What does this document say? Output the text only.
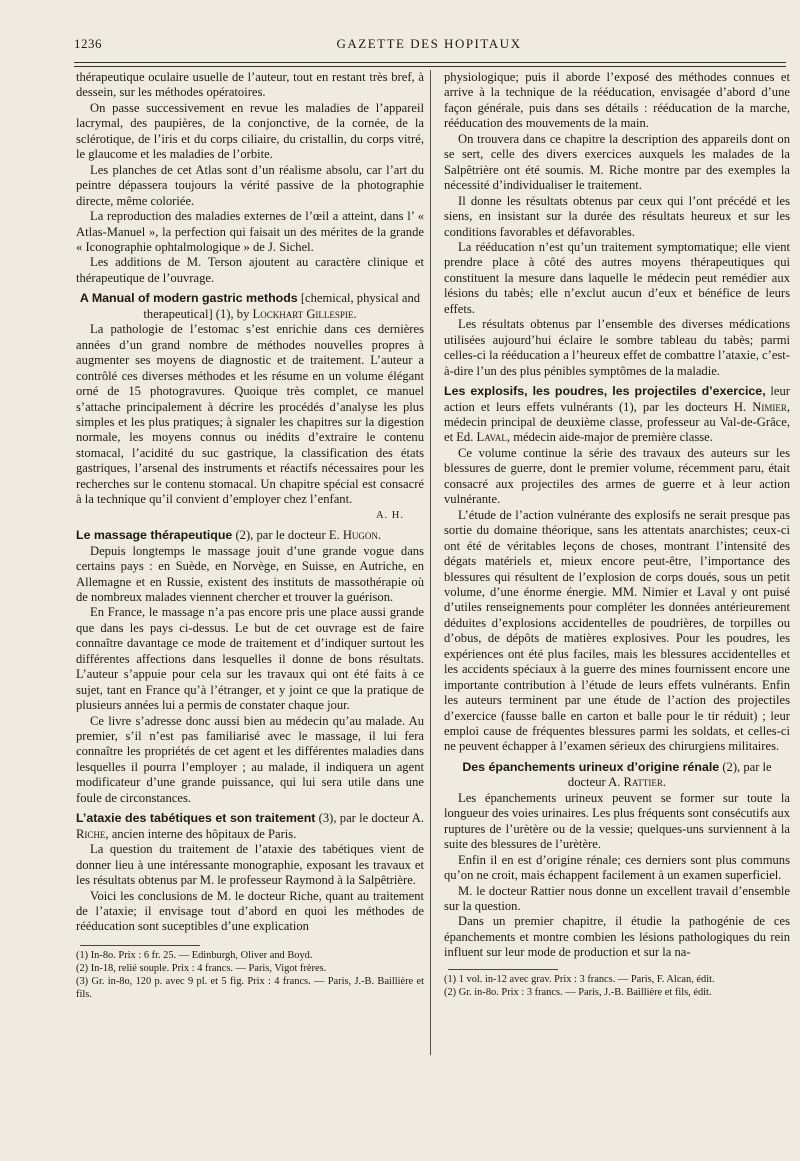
1236	GAZETTE DES HOPITAUX

thérapeutique oculaire usuelle de l’auteur, tout en restant très bref, à dessein, sur les méthodes opératoires.

On passe successivement en revue les maladies de l’appareil lacrymal, des paupières, de la conjonctive, de la cornée, de la sclérotique, de l’iris et du corps ciliaire, du cristallin, du corps vitré, le glaucome et les maladies de l’orbite.

Les planches de cet Atlas sont d’un réalisme absolu, car l’art du peintre dépassera toujours la vérité passive de la photographie directe, même coloriée.

La reproduction des maladies externes de l’œil a atteint, dans l’ « Atlas-Manuel », la perfection qui faisait un des mérites de la grande « Iconographie ophtalmologique » de J. Sichel.

Les additions de M. Terson ajoutent au caractère clinique et thérapeutique de l’ouvrage.

A Manual of modern gastric methods [chemical, physical and therapeutical] (1), by Lockhart Gillespie.

La pathologie de l’estomac s’est enrichie dans ces dernières années d’un grand nombre de méthodes nouvelles propres à augmenter ses moyens de diagnostic et de traitement. L’auteur a contrôlé ces diverses méthodes et les résume en un volume élégant orné de 15 photogravures. Quoique très complet, ce manuel s’attache principalement à décrire les procédés d’analyse les plus simples et les plus pratiques; à signaler les chapitres sur la digestion normale, les moyens connus ou inédits d’extraire le contenu stomacal, l’acidité du suc gastrique, la classification des états gastriques, l’arsenal des instruments et réactifs nécessaires pour les recherches sur le contenu stomacal. Un chapitre spécial est consacré à la technique qu’il convient d’employer chez l’enfant.

A. H.

Le massage thérapeutique (2), par le docteur E. Hugon.

Depuis longtemps le massage jouit d’une grande vogue dans certains pays : en Suède, en Norvège, en Suisse, en Autriche, en Allemagne et en Russie, existent des instituts de massothérapie où de nombreux malades viennent chercher et trouver la guérison.

En France, le massage n’a pas encore pris une place aussi grande que dans les pays ci-dessus. Le but de cet ouvrage est de faire connaître davantage ce mode de traitement et d’indiquer surtout les différentes affections dans lesquelles il donne de bons résultats. L’auteur s’appuie pour cela sur les travaux qui ont été faits à ce sujet, tant en France qu’à l’étranger, et y joint ce que la pratique de plusieurs années lui a permis de constater chaque jour.

Ce livre s’adresse donc aussi bien au médecin qu’au malade. Au premier, s’il n’est pas familiarisé avec le massage, il lui fera connaître les propriétés de cet agent et les différentes maladies dans lesquelles il pourra l’employer ; au malade, il indiquera un agent modificateur d’une grande puissance, qui lui sera utile dans une foule de circonstances.

L’ataxie des tabétiques et son traitement (3), par le docteur A. Riche, ancien interne des hôpitaux de Paris.

La question du traitement de l’ataxie des tabétiques vient de donner lieu à une intéressante monographie, exposant les travaux et les résultats obtenus par M. le professeur Raymond à la Salpêtrière.

Voici les conclusions de M. le docteur Riche, quant au traitement de l’ataxie; il envisage tout d’abord en quoi les méthodes de rééducation sont suceptibles d’une explication

(1) In-8o. Prix : 6 fr. 25. — Edinburgh, Oliver and Boyd.
(2) In-18, relié souple. Prix : 4 francs. — Paris, Vigot frères.
(3) Gr. in-8o, 120 p. avec 9 pl. et 5 fig. Prix : 4 francs. — Paris, J.-B. Baillière et fils.

physiologique; puis il aborde l’exposé des méthodes connues et arrive à la technique de la rééducation, envisagée d’abord d’une façon générale, puis dans ses détails : rééducation de la marche, rééducation des mouvements de la main.

On trouvera dans ce chapitre la description des appareils dont on se sert, celle des divers exercices auxquels les malades de la Salpêtrière ont été soumis. M. Riche montre par des exemples la nécessité d’individualiser le traitement.

Il donne les résultats obtenus par ceux qui l’ont précédé et les siens, en insistant sur la durée des résultats heureux et sur les conditions favorables et défavorables.

La rééducation n’est qu’un traitement symptomatique; elle vient prendre place à côté des autres moyens thérapeutiques qui constituent la mesure dans laquelle le médecin peut remédier aux lésions du tabès; elle n’exclut aucun d’eux et bénéfice de leurs effets.

Les résultats obtenus par l’ensemble des diverses médications utilisées aujourd’hui éclaire le sombre tableau du tabès; parmi celles-ci la rééducation a l’heureux effet de combattre l’ataxie, c’est-à-dire l’un des plus pénibles symptômes de la maladie.

Les explosifs, les poudres, les projectiles d’exercice, leur action et leurs effets vulnérants (1), par les docteurs H. Nimier, médecin principal de deuxième classe, professeur au Val-de-Grâce, et Ed. Laval, médecin aide-major de première classe.

Ce volume continue la série des travaux des auteurs sur les blessures de guerre, dont le premier volume, récemment paru, était consacré aux projectiles des armes de guerre et à leur action vulnérante.

L’étude de l’action vulnérante des explosifs ne serait presque pas sortie du domaine théorique, sans les attentats anarchistes; ceux-ci ont été de véritables leçons de choses, montrant l’intensité des dégats matériels et, mieux encore peut-être, l’importance des blessures qui résultent de l’explosion de corps doués, sous un petit volume, d’une énorme énergie. MM. Nimier et Laval y ont puisé d’utiles renseignements pour compléter les données antérieurement déduites d’explosions accidentelles de poudrières, de torpilles ou d’obus, de dépôts de matières explosives. Pour les poudres, les expériences ont été plus faciles, mais les blessures accidentelles et les accidents spéciaux à la guerre des mines fournissent encore une importante contribution à l’étude de leurs effets vulnérants. Enfin les auteurs terminent par une étude de l’action des projectiles d’exercice (fausse balle en carton et balle pour le tir réduit) ; leur emploi cause de fréquentes blessures parmi les soldats, et celles-ci ne peuvent échapper à l’examen sérieux des chirurgiens militaires.

Des épanchements urineux d’origine rénale (2), par le docteur A. Rattier.

Les épanchements urineux peuvent se former sur toute la longueur des voies urinaires. Les plus fréquents sont consécutifs aux ruptures de l’urètère ou de la vessie; quelques-uns surviennent à la suite des blessures de l’urètère.

Enfin il en est d’origine rénale; ces derniers sont plus communs qu’on ne croit, mais échappent facilement à un examen superficiel.

M. le docteur Rattier nous donne un excellent travail d’ensemble sur la question.

Dans un premier chapitre, il étudie la pathogénie de ces épanchements et montre combien les lésions pathologiques du rein influent sur leur mode de production et sur la na-

(1) 1 vol. in-12 avec grav. Prix : 3 francs. — Paris, F. Alcan, édit.
(2) Gr. in-8o. Prix : 3 francs. — Paris, J.-B. Baillière et fils, édit.
